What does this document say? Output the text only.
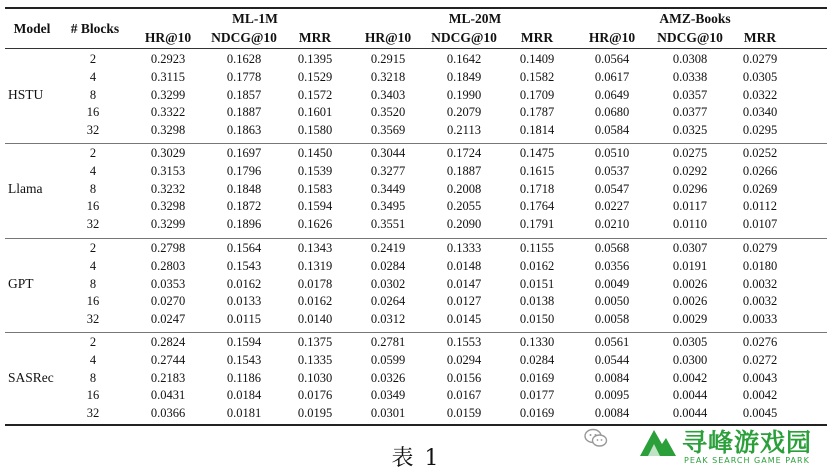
Model	# Blocks
ML-1M	ML-20M	AMZ-Books
HR@10	NDCG@10	MRR	HR@10	NDCG@10	MRR	HR@10	NDCG@10	MRR
HSTU
2	0.2923	0.1628	0.1395	0.2915	0.1642	0.1409	0.0564	0.0308	0.0279
4	0.3115	0.1778	0.1529	0.3218	0.1849	0.1582	0.0617	0.0338	0.0305
8	0.3299	0.1857	0.1572	0.3403	0.1990	0.1709	0.0649	0.0357	0.0322
16	0.3322	0.1887	0.1601	0.3520	0.2079	0.1787	0.0680	0.0377	0.0340
32	0.3298	0.1863	0.1580	0.3569	0.2113	0.1814	0.0584	0.0325	0.0295
Llama
2	0.3029	0.1697	0.1450	0.3044	0.1724	0.1475	0.0510	0.0275	0.0252
4	0.3153	0.1796	0.1539	0.3277	0.1887	0.1615	0.0537	0.0292	0.0266
8	0.3232	0.1848	0.1583	0.3449	0.2008	0.1718	0.0547	0.0296	0.0269
16	0.3298	0.1872	0.1594	0.3495	0.2055	0.1764	0.0227	0.0117	0.0112
32	0.3299	0.1896	0.1626	0.3551	0.2090	0.1791	0.0210	0.0110	0.0107
GPT
2	0.2798	0.1564	0.1343	0.2419	0.1333	0.1155	0.0568	0.0307	0.0279
4	0.2803	0.1543	0.1319	0.0284	0.0148	0.0162	0.0356	0.0191	0.0180
8	0.0353	0.0162	0.0178	0.0302	0.0147	0.0151	0.0049	0.0026	0.0032
16	0.0270	0.0133	0.0162	0.0264	0.0127	0.0138	0.0050	0.0026	0.0032
32	0.0247	0.0115	0.0140	0.0312	0.0145	0.0150	0.0058	0.0029	0.0033
SASRec
2	0.2824	0.1594	0.1375	0.2781	0.1553	0.1330	0.0561	0.0305	0.0276
4	0.2744	0.1543	0.1335	0.0599	0.0294	0.0284	0.0544	0.0300	0.0272
8	0.2183	0.1186	0.1030	0.0326	0.0156	0.0169	0.0084	0.0042	0.0043
16	0.0431	0.0184	0.0176	0.0349	0.0167	0.0177	0.0095	0.0044	0.0042
32	0.0366	0.0181	0.0195	0.0301	0.0159	0.0169	0.0084	0.0044	0.0045
表 1
寻峰游戏园
PEAK SEARCH GAME PARK
